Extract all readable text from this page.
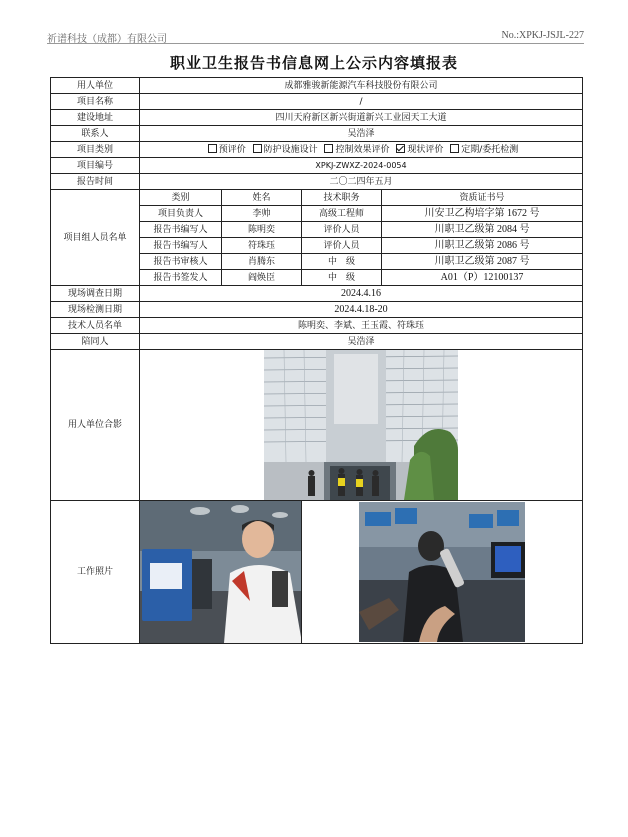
祈谱科技（成都）有限公司	No.:XPKJ-JSJL-227
职业卫生报告书信息网上公示内容填报表
用人单位	成都雅骏新能源汽车科技股份有限公司			
项目名称	/			
建设地址	四川天府新区新兴街道新兴工业园天工大道			
联系人	吴浩泽			
项目类别	预评价 防护设施设计 控制效果评价 现状评价 定期/委托检测			
项目编号	XPKJ-ZWXZ-2024-0054			
报告时间	二〇二四年五月			
项目组人员名单	类别	姓名	技术职务	资质证书号
	项目负责人	李帅	高级工程师	川安卫乙构培字第 1672 号
	报告书编写人	陈明奕	评价人员	川职卫乙级第 2084 号
	报告书编写人	符珠珏	评价人员	川职卫乙级第 2086 号
	报告书审核人	肖腾东	中　级	川职卫乙级第 2087 号
	报告书签发人	阎焕臣	中　级	A01（P）12100137
现场调查日期	2024.4.16			
现场检测日期	2024.4.18-20			
技术人员名单	陈明奕、李斌、王玉霞、符珠珏			
陪同人	吴浩泽			
用人单位合影	

工作照片	
